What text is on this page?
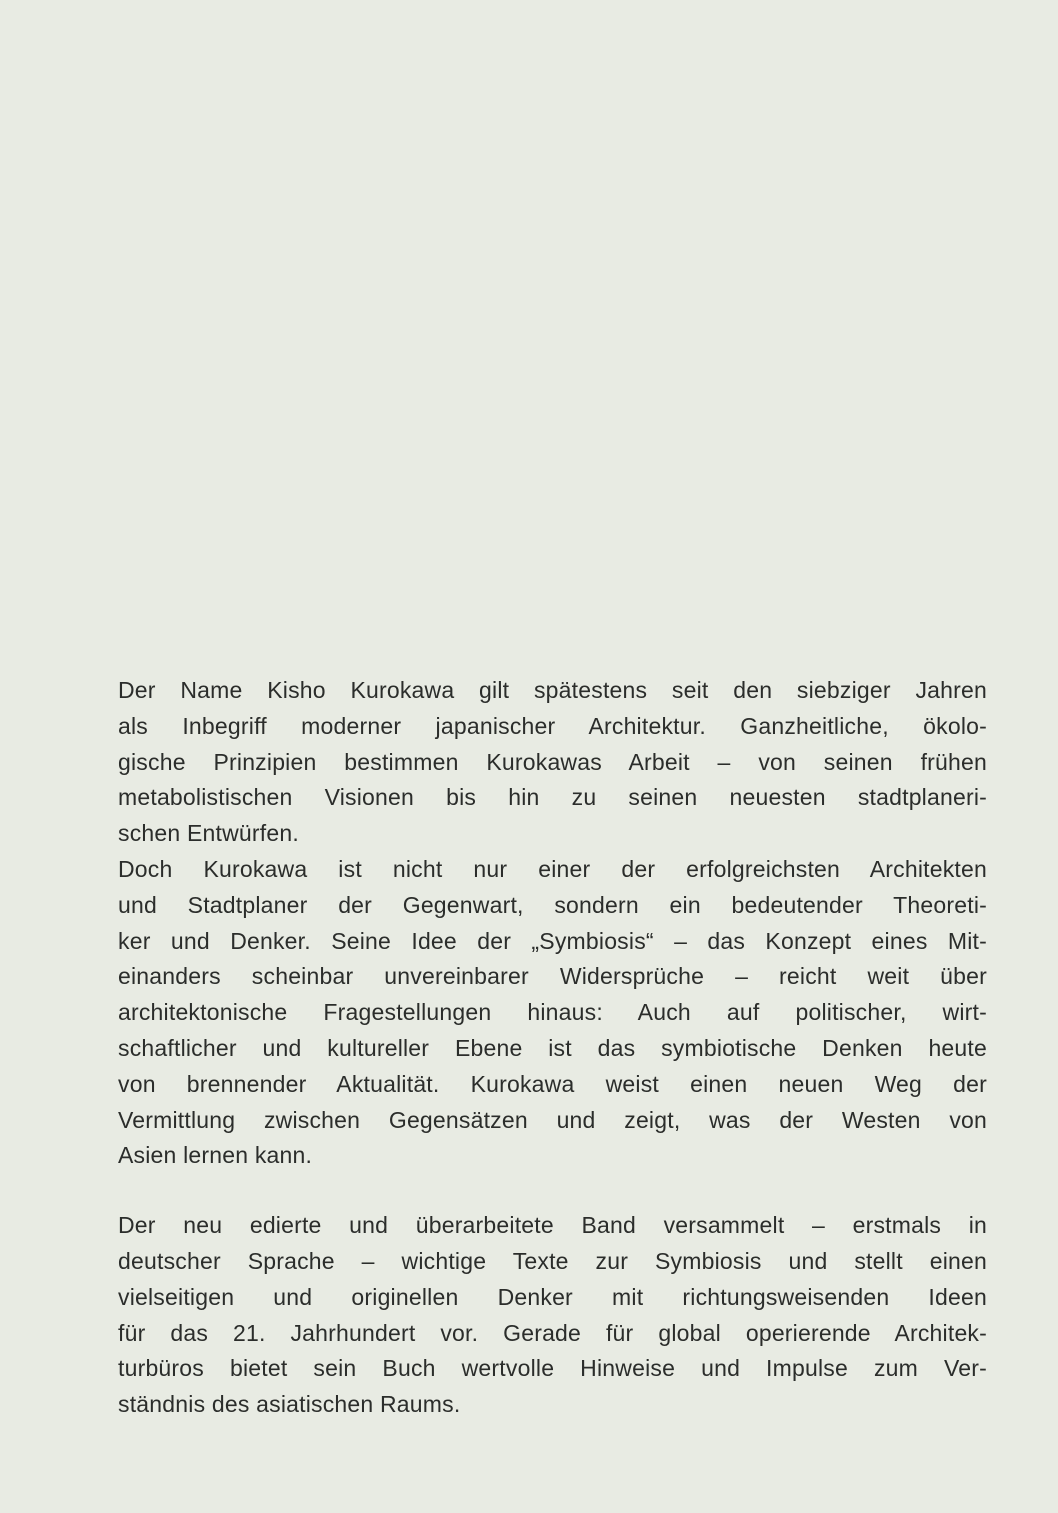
Der Name Kisho Kurokawa gilt spätestens seit den siebziger Jahren
als Inbegriff moderner japanischer Architektur. Ganzheitliche, ökolo-
gische Prinzipien bestimmen Kurokawas Arbeit – von seinen frühen
metabolistischen Visionen bis hin zu seinen neuesten stadtplaneri-
schen Entwürfen.

Doch Kurokawa ist nicht nur einer der erfolgreichsten Architekten
und Stadtplaner der Gegenwart, sondern ein bedeutender Theoreti-
ker und Denker. Seine Idee der „Symbiosis“ – das Konzept eines Mit-
einanders scheinbar unvereinbarer Widersprüche – reicht weit über
architektonische Fragestellungen hinaus: Auch auf politischer, wirt-
schaftlicher und kultureller Ebene ist das symbiotische Denken heute
von brennender Aktualität. Kurokawa weist einen neuen Weg der
Vermittlung zwischen Gegensätzen und zeigt, was der Westen von
Asien lernen kann.

Der neu edierte und überarbeitete Band versammelt – erstmals in
deutscher Sprache – wichtige Texte zur Symbiosis und stellt einen
vielseitigen und originellen Denker mit richtungsweisenden Ideen
für das 21. Jahrhundert vor. Gerade für global operierende Architek-
turbüros bietet sein Buch wertvolle Hinweise und Impulse zum Ver-
ständnis des asiatischen Raums.
